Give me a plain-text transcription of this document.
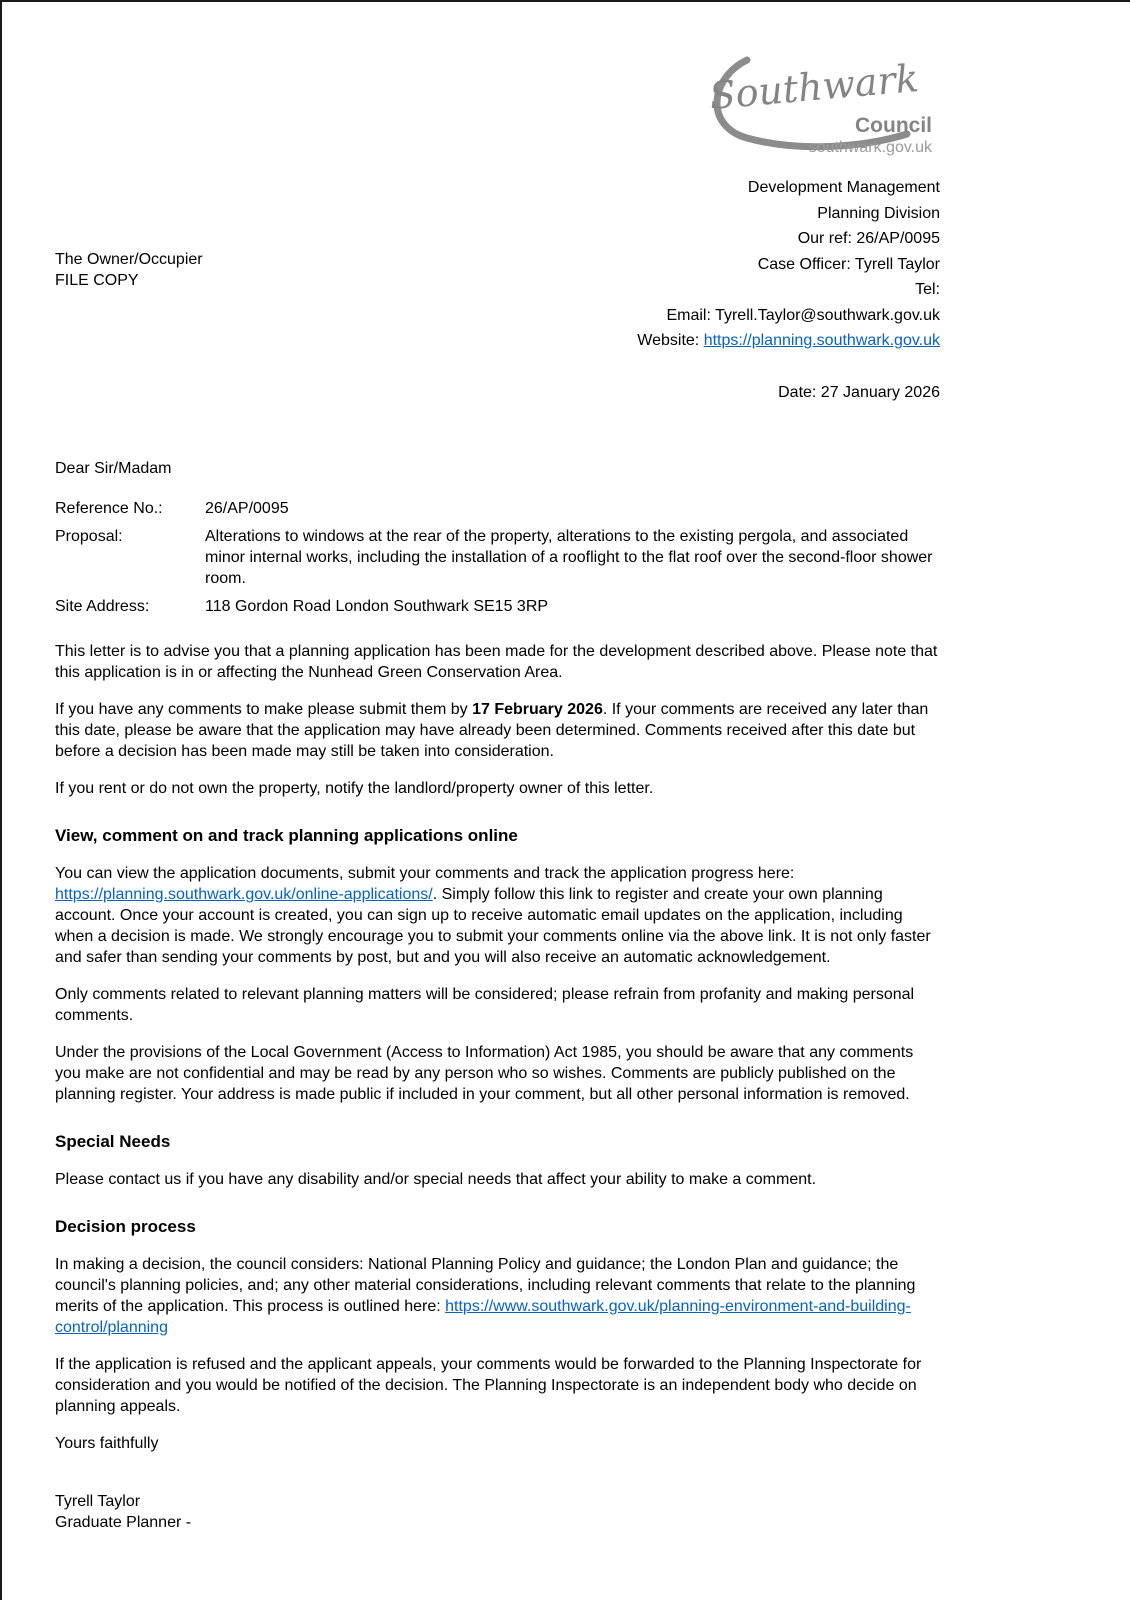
Southwark
Council
southwark.gov.uk
The Owner/Occupier
FILE COPY
Development Management
Planning Division
Our ref: 26/AP/0095
Case Officer: Tyrell Taylor
Tel:
Email: Tyrell.Taylor@southwark.gov.uk
Website: https://planning.southwark.gov.uk
Date: 27 January 2026
Dear Sir/Madam
Reference No.:	26/AP/0095
Proposal:	Alterations to windows at the rear of the property, alterations to the existing pergola, and associated minor internal works, including the installation of a rooflight to the flat roof over the second-floor shower room.
Site Address:	118 Gordon Road London Southwark SE15 3RP

This letter is to advise you that a planning application has been made for the development described above. Please note that this application is in or affecting the Nunhead Green Conservation Area.

If you have any comments to make please submit them by 17 February 2026. If your comments are received any later than this date, please be aware that the application may have already been determined. Comments received after this date but before a decision has been made may still be taken into consideration.

If you rent or do not own the property, notify the landlord/property owner of this letter.

View, comment on and track planning applications online

You can view the application documents, submit your comments and track the application progress here: https://planning.southwark.gov.uk/online-applications/. Simply follow this link to register and create your own planning account. Once your account is created, you can sign up to receive automatic email updates on the application, including when a decision is made. We strongly encourage you to submit your comments online via the above link. It is not only faster and safer than sending your comments by post, but and you will also receive an automatic acknowledgement.

Only comments related to relevant planning matters will be considered; please refrain from profanity and making personal comments.

Under the provisions of the Local Government (Access to Information) Act 1985, you should be aware that any comments you make are not confidential and may be read by any person who so wishes. Comments are publicly published on the planning register. Your address is made public if included in your comment, but all other personal information is removed.

Special Needs

Please contact us if you have any disability and/or special needs that affect your ability to make a comment.

Decision process

In making a decision, the council considers: National Planning Policy and guidance; the London Plan and guidance; the council's planning policies, and; any other material considerations, including relevant comments that relate to the planning merits of the application. This process is outlined here: https://www.southwark.gov.uk/planning-environment-and-building-control/planning

If the application is refused and the applicant appeals, your comments would be forwarded to the Planning Inspectorate for consideration and you would be notified of the decision. The Planning Inspectorate is an independent body who decide on planning appeals.

Yours faithfully

Tyrell Taylor
Graduate Planner -
